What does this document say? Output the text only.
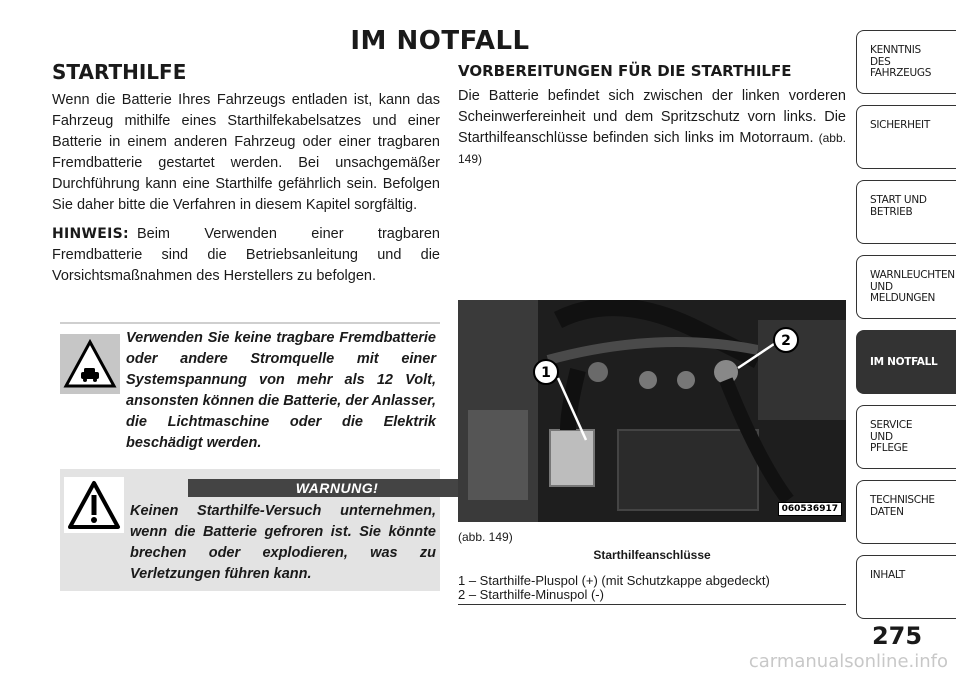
IM NOTFALL
STARTHILFE

Wenn die Batterie Ihres Fahrzeugs entladen ist, kann das Fahrzeug mithilfe eines Starthilfekabelsatzes und einer Batterie in einem anderen Fahrzeug oder einer tragbaren Fremdbatterie gestartet werden. Bei unsachgemäßer Durchführung kann eine Starthilfe gefährlich sein. Befolgen Sie daher bitte die Verfahren in diesem Kapitel sorgfältig.

HINWEIS: Beim Verwenden einer tragbaren Fremdbatterie sind die Betriebsanleitung und die Vorsichtsmaßnahmen des Herstellers zu befolgen.

Verwenden Sie keine tragbare Fremdbatterie oder andere Stromquelle mit einer Systemspannung von mehr als 12 Volt, ansonsten können die Batterie, der Anlasser, die Lichtmaschine oder die Elektrik beschädigt werden.
WARNUNG!
Keinen Starthilfe-Versuch unternehmen, wenn die Batterie gefroren ist. Sie könnte brechen oder explodieren, was zu Verletzungen führen kann.
VORBEREITUNGEN FÜR DIE STARTHILFE

Die Batterie befindet sich zwischen der linken vorderen Scheinwerfereinheit und dem Spritzschutz vorn links. Die Starthilfeanschlüsse befinden sich links im Motorraum. (abb. 149)

1
2
060536917
(abb. 149)
Starthilfeanschlüsse
1 – Starthilfe-Pluspol (+) (mit Schutzkappe abgedeckt)
2 – Starthilfe-Minuspol (-)
KENNTNIS
DES
FAHRZEUGS
SICHERHEIT
START UND
BETRIEB
WARNLEUCHTEN
UND
MELDUNGEN
IM NOTFALL
SERVICE
UND
PFLEGE
TECHNISCHE
DATEN
INHALT
275
carmanualsonline.info
